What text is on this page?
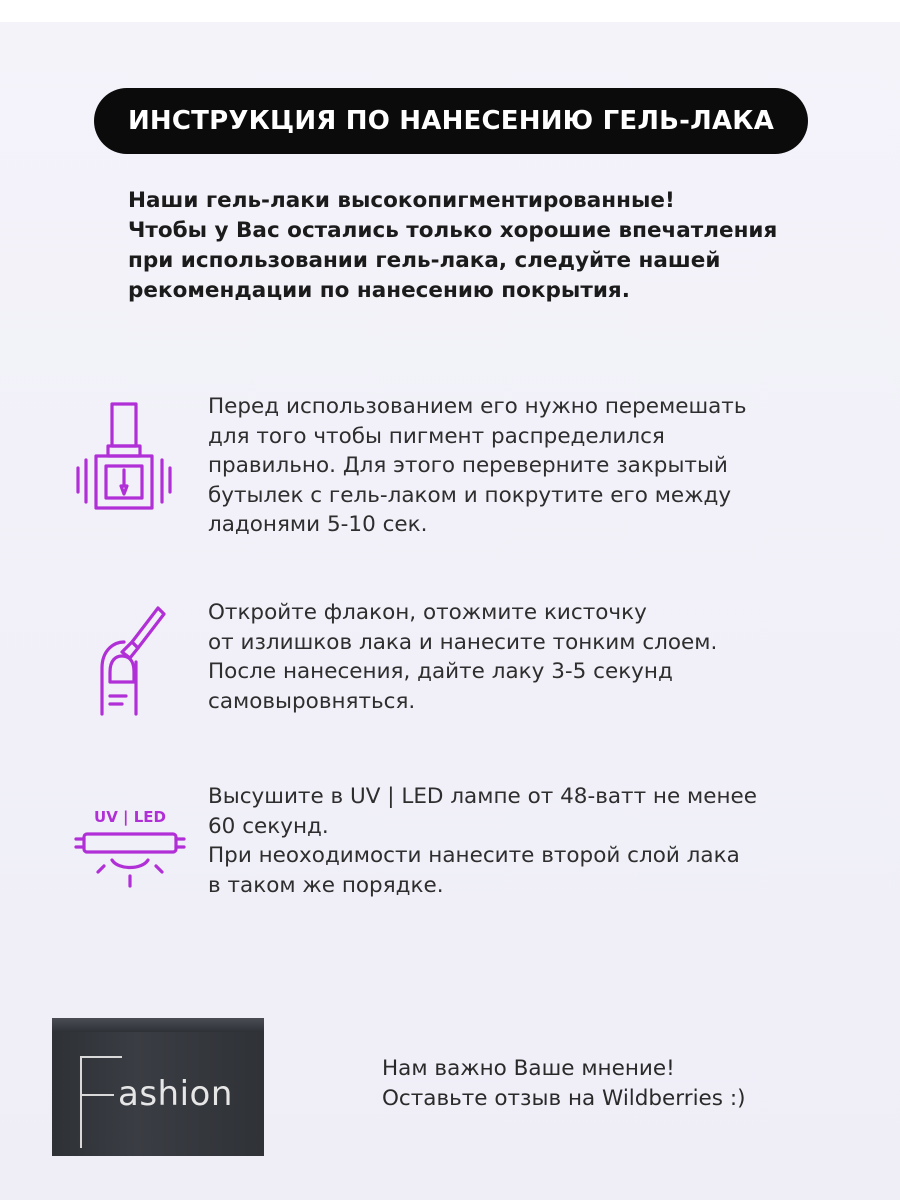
ИНСТРУКЦИЯ ПО НАНЕСЕНИЮ ГЕЛЬ-ЛАКА
Наши гель-лаки высокопигментированные!
Чтобы у Вас остались только хорошие впечатления
при использовании гель-лака, следуйте нашей
рекомендации по нанесению покрытия.
Перед использованием его нужно перемешать
для того чтобы пигмент распределился
правильно. Для этого переверните закрытый
бутылек с гель-лаком и покрутите его между
ладонями 5-10 сек.
Откройте флакон, отожмите кисточку
от излишков лака и нанесите тонким слоем.
После нанесения, дайте лаку 3-5 секунд
самовыровняться.
UV | LED
Высушите в UV | LED лампе от 48-ватт не менее
60 секунд.
При неоходимости нанесите второй слой лака
в таком же порядке.
ashion
Нам важно Ваше мнение!
Оставьте отзыв на Wildberries :)
